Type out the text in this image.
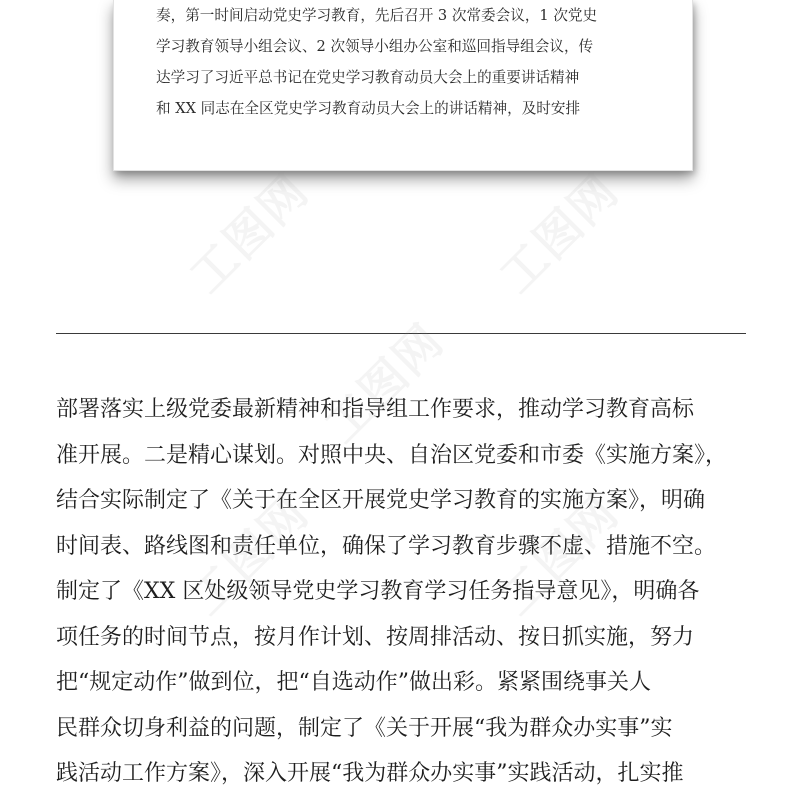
奏，第一时间启动党史学习教育，先后召开 3 次常委会议，1 次党史
学习教育领导小组会议、2 次领导小组办公室和巡回指导组会议，传
达学习了习近平总书记在党史学习教育动员大会上的重要讲话精神
和 XX 同志在全区党史学习教育动员大会上的讲话精神，及时安排
部署落实上级党委最新精神和指导组工作要求，推动学习教育高标
准开展。二是精心谋划。对照中央、自治区党委和市委《实施方案》，
结合实际制定了《关于在全区开展党史学习教育的实施方案》，明确
时间表、路线图和责任单位，确保了学习教育步骤不虚、措施不空。
制定了《XX 区处级领导党史学习教育学习任务指导意见》，明确各
项任务的时间节点，按月作计划、按周排活动、按日抓实施，努力
把“规定动作”做到位，把“自选动作”做出彩。紧紧围绕事关人
民群众切身利益的问题，制定了《关于开展“我为群众办实事”实
践活动工作方案》，深入开展“我为群众办实事”实践活动，扎实推
工图网	工图网
工图网
工图网	工图网
